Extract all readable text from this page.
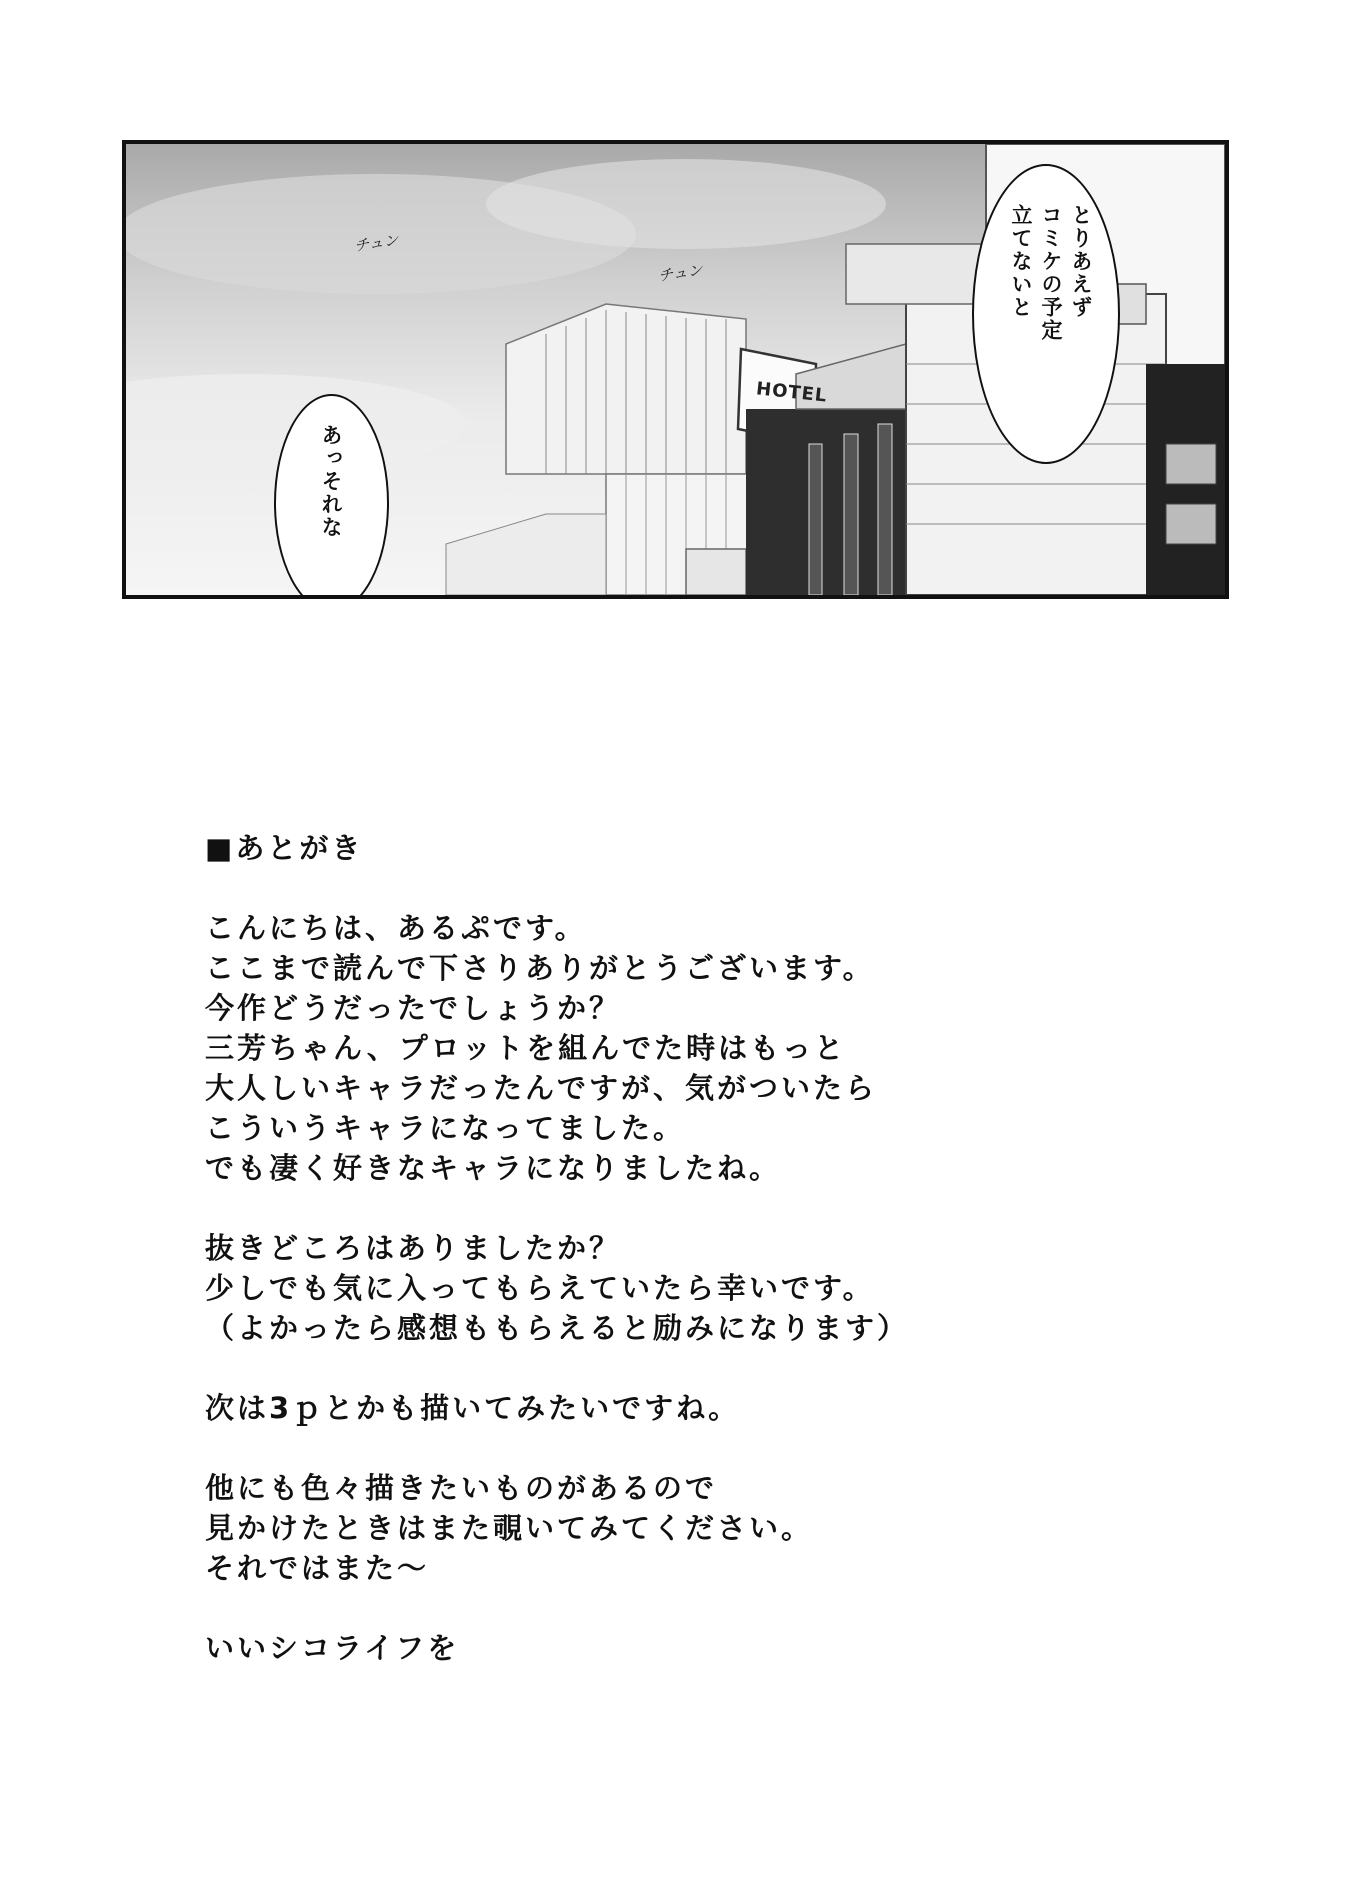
チュン
チュン
HOTEL
とりあえず
コミケの予定
立てないと
あっそれな

■あとがき

こんにちは、あるぷです。

ここまで読んで下さりありがとうございます。

今作どうだったでしょうか？

三芳ちゃん、プロットを組んでた時はもっと

大人しいキャラだったんですが、気がついたら

こういうキャラになってました。

でも凄く好きなキャラになりましたね。

抜きどころはありましたか？

少しでも気に入ってもらえていたら幸いです。

（よかったら感想ももらえると励みになります）

次は3ｐとかも描いてみたいですね。

他にも色々描きたいものがあるので

見かけたときはまた覗いてみてください。

それではまた～

いいシコライフを
